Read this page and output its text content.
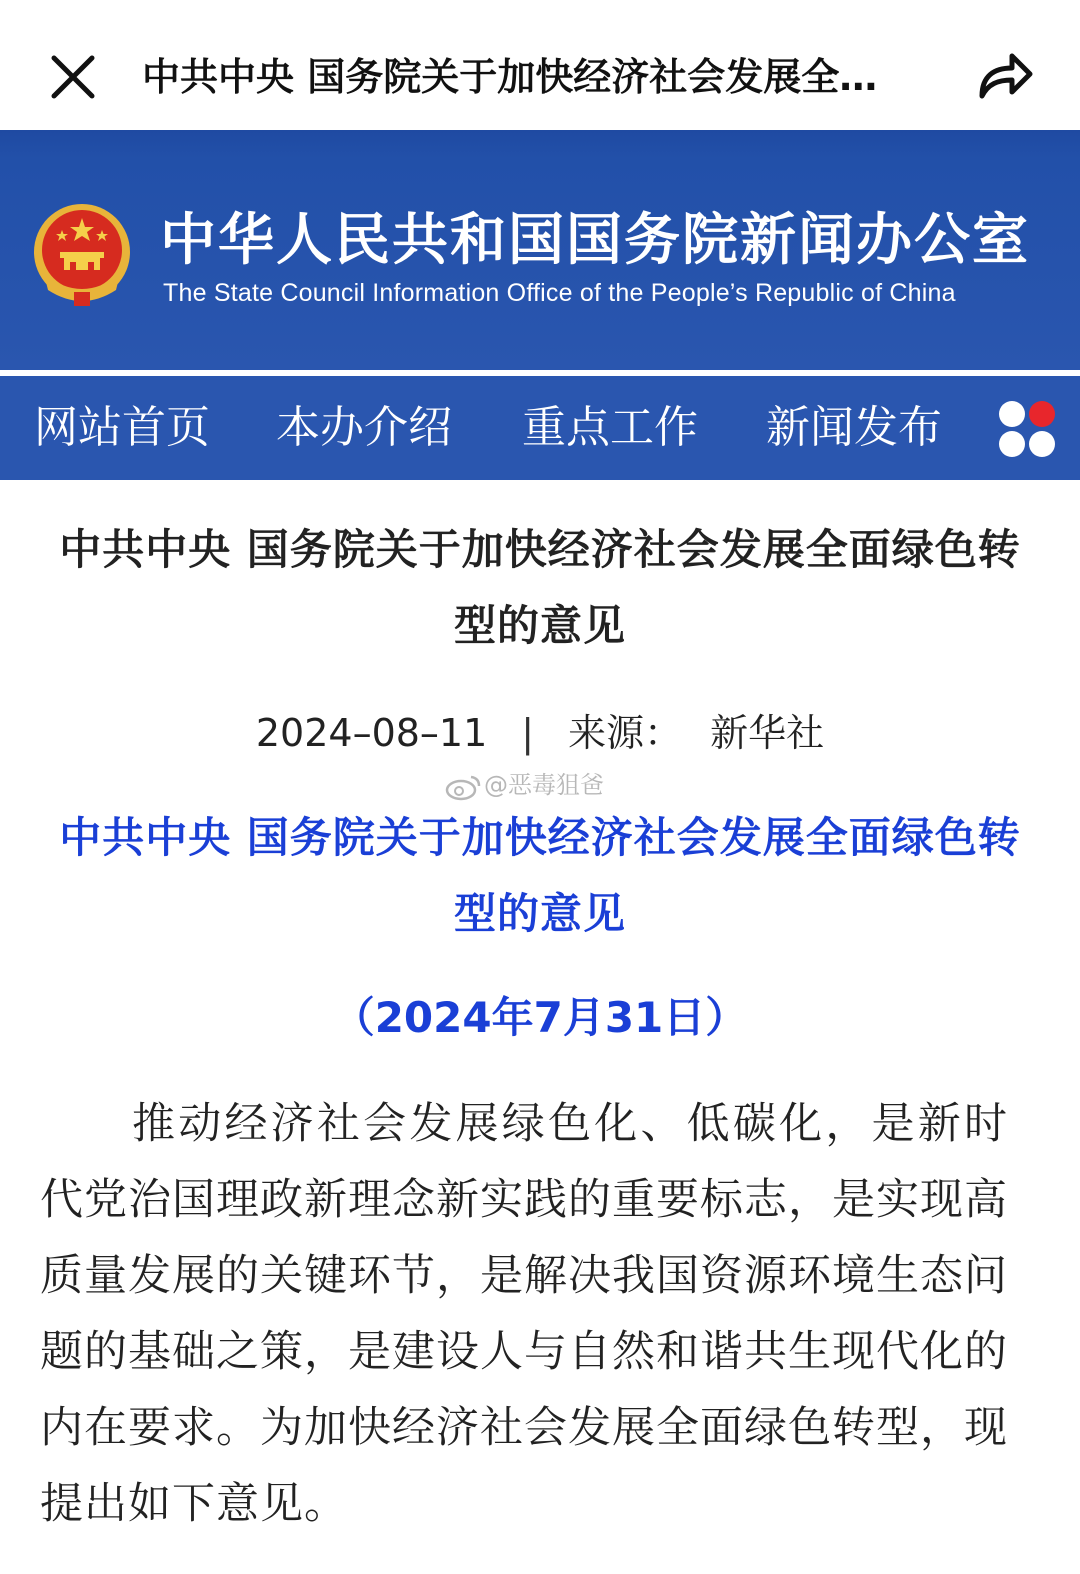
中共中央 国务院关于加快经济社会发展全…
中华人民共和国国务院新闻办公室
The State Council Information Office of the People’s Republic of China
网站首页 本办介绍 重点工作 新闻发布
中共中央 国务院关于加快经济社会发展全面绿色转型的意见
2024–08–11 | 来源： 新华社
@恶毒狙爸
中共中央 国务院关于加快经济社会发展全面绿色转型的意见
（2024年7月31日）
推动经济社会发展绿色化、低碳化，是新时代党治国理政新理念新实践的重要标志，是实现高质量发展的关键环节，是解决我国资源环境生态问题的基础之策，是建设人与自然和谐共生现代化的内在要求。为加快经济社会发展全面绿色转型，现提出如下意见。
